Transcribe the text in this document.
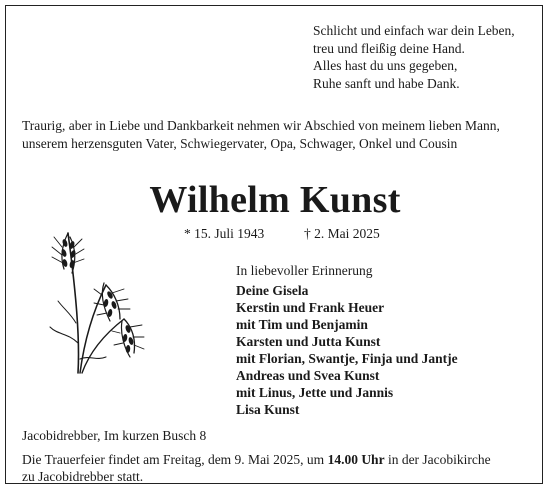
Schlicht und einfach war dein Leben,
treu und fleißig deine Hand.
Alles hast du uns gegeben,
Ruhe sanft und habe Dank.
Traurig, aber in Liebe und Dankbarkeit nehmen wir Abschied von meinem lieben Mann,
unserem herzensguten Vater, Schwiegervater, Opa, Schwager, Onkel und Cousin
Wilhelm Kunst
* 15. Juli 1943	† 2. Mai 2025
In liebevoller Erinnerung
Deine Gisela
Kerstin und Frank Heuer
mit Tim und Benjamin
Karsten und Jutta Kunst
mit Florian, Swantje, Finja und Jantje
Andreas und Svea Kunst
mit Linus, Jette und Jannis
Lisa Kunst
Jacobidrebber, Im kurzen Busch 8
Die Trauerfeier findet am Freitag, dem 9. Mai 2025, um 14.00 Uhr in der Jacobikirche
zu Jacobidrebber statt.
